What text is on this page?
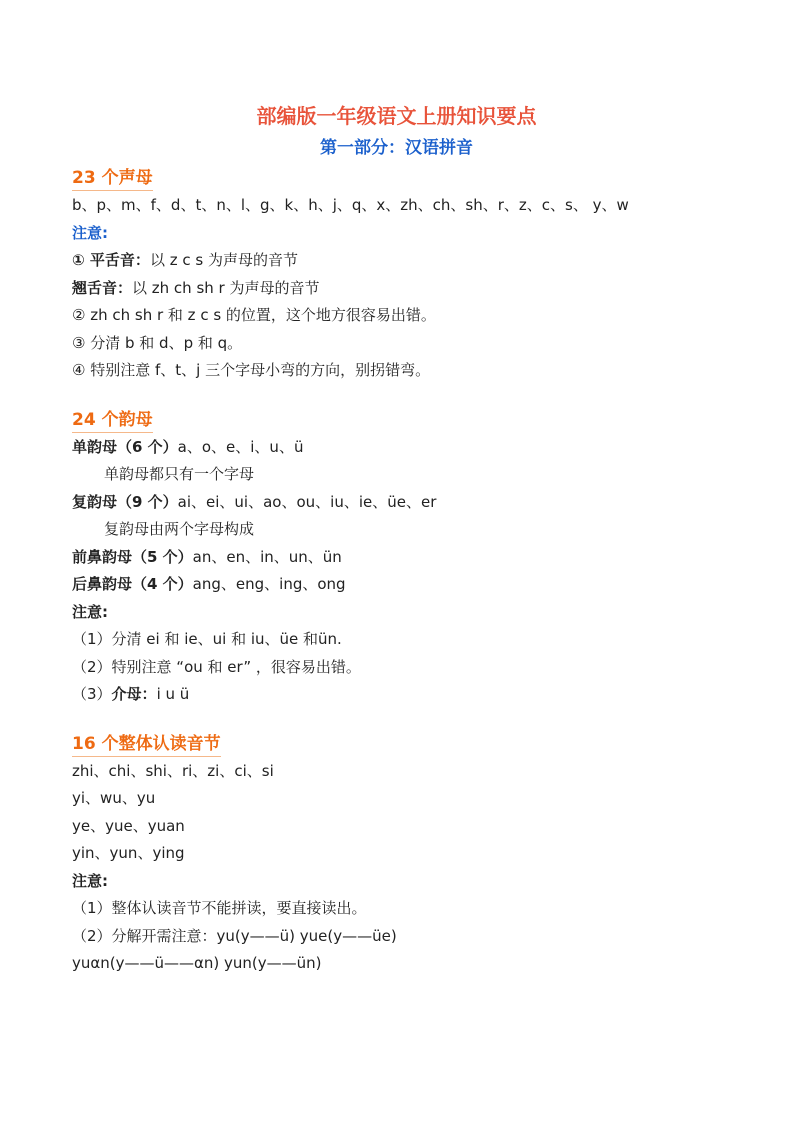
部编版一年级语文上册知识要点
第一部分：汉语拼音
23 个声母
b、p、m、f、d、t、n、l、g、k、h、j、q、x、zh、ch、sh、r、z、c、s、 y、w
注意:
① 平舌音：以 z c s 为声母的音节
翘舌音：以 zh ch sh r 为声母的音节
② zh ch sh r 和 z c s 的位置，这个地方很容易出错。
③ 分清 b 和 d、p 和 q。
④ 特别注意 f、t、j 三个字母小弯的方向，别拐错弯。
24 个韵母
单韵母（6 个）a、o、e、i、u、ü
单韵母都只有一个字母
复韵母（9 个）ai、ei、ui、ao、ou、iu、ie、üe、er
复韵母由两个字母构成
前鼻韵母（5 个）an、en、in、un、ün
后鼻韵母（4 个）ang、eng、ing、ong
注意:
（1）分清 ei 和 ie、ui 和 iu、üe 和ün.
（2）特别注意 “ou 和 er” ，很容易出错。
（3）介母：i u ü
16 个整体认读音节
zhi、chi、shi、ri、zi、ci、si
yi、wu、yu
ye、yue、yuan
yin、yun、ying
注意:
（1）整体认读音节不能拼读，要直接读出。
（2）分解开需注意：yu(y——ü) yue(y——üe)
yuαn(y——ü——αn) yun(y——ün)
